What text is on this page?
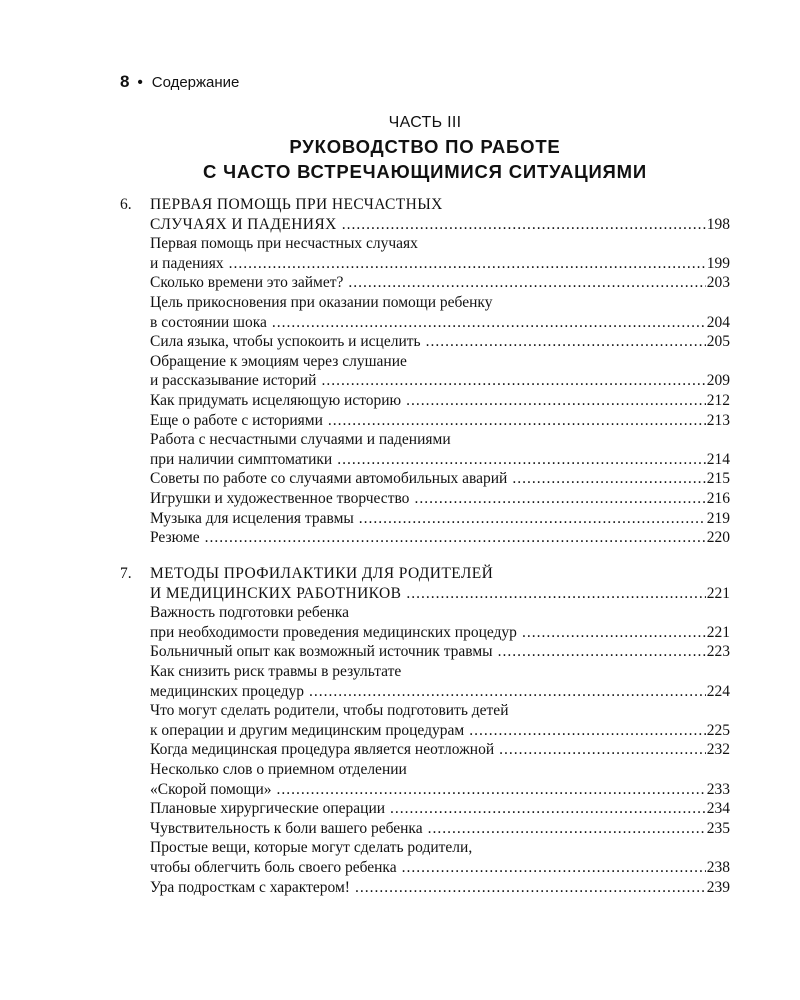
8 • Содержание
ЧАСТЬ III
РУКОВОДСТВО ПО РАБОТЕ
С ЧАСТО ВСТРЕЧАЮЩИМИСЯ СИТУАЦИЯМИ
6.	ПЕРВАЯ ПОМОЩЬ ПРИ НЕСЧАСТНЫХ
СЛУЧАЯХ И ПАДЕНИЯХ .....	198
Первая помощь при несчастных случаях
и падениях .....	199
Сколько времени это займет? .....	203
Цель прикосновения при оказании помощи ребенку
в состоянии шока .....	204
Сила языка, чтобы успокоить и исцелить .....	205
Обращение к эмоциям через слушание
и рассказывание историй .....	209
Как придумать исцеляющую историю .....	212
Еще о работе с историями .....	213
Работа с несчастными случаями и падениями
при наличии симптоматики .....	214
Советы по работе со случаями автомобильных аварий .....	215
Игрушки и художественное творчество .....	216
Музыка для исцеления травмы .....	219
Резюме .....	220
7.	МЕТОДЫ ПРОФИЛАКТИКИ ДЛЯ РОДИТЕЛЕЙ
И МЕДИЦИНСКИХ РАБОТНИКОВ .....	221
Важность подготовки ребенка
при необходимости проведения медицинских процедур .....	221
Больничный опыт как возможный источник травмы .....	223
Как снизить риск травмы в результате
медицинских процедур .....	224
Что могут сделать родители, чтобы подготовить детей
к операции и другим медицинским процедурам .....	225
Когда медицинская процедура является неотложной .....	232
Несколько слов о приемном отделении
«Скорой помощи» .....	233
Плановые хирургические операции .....	234
Чувствительность к боли вашего ребенка .....	235
Простые вещи, которые могут сделать родители,
чтобы облегчить боль своего ребенка .....	238
Ура подросткам с характером! .....	239
